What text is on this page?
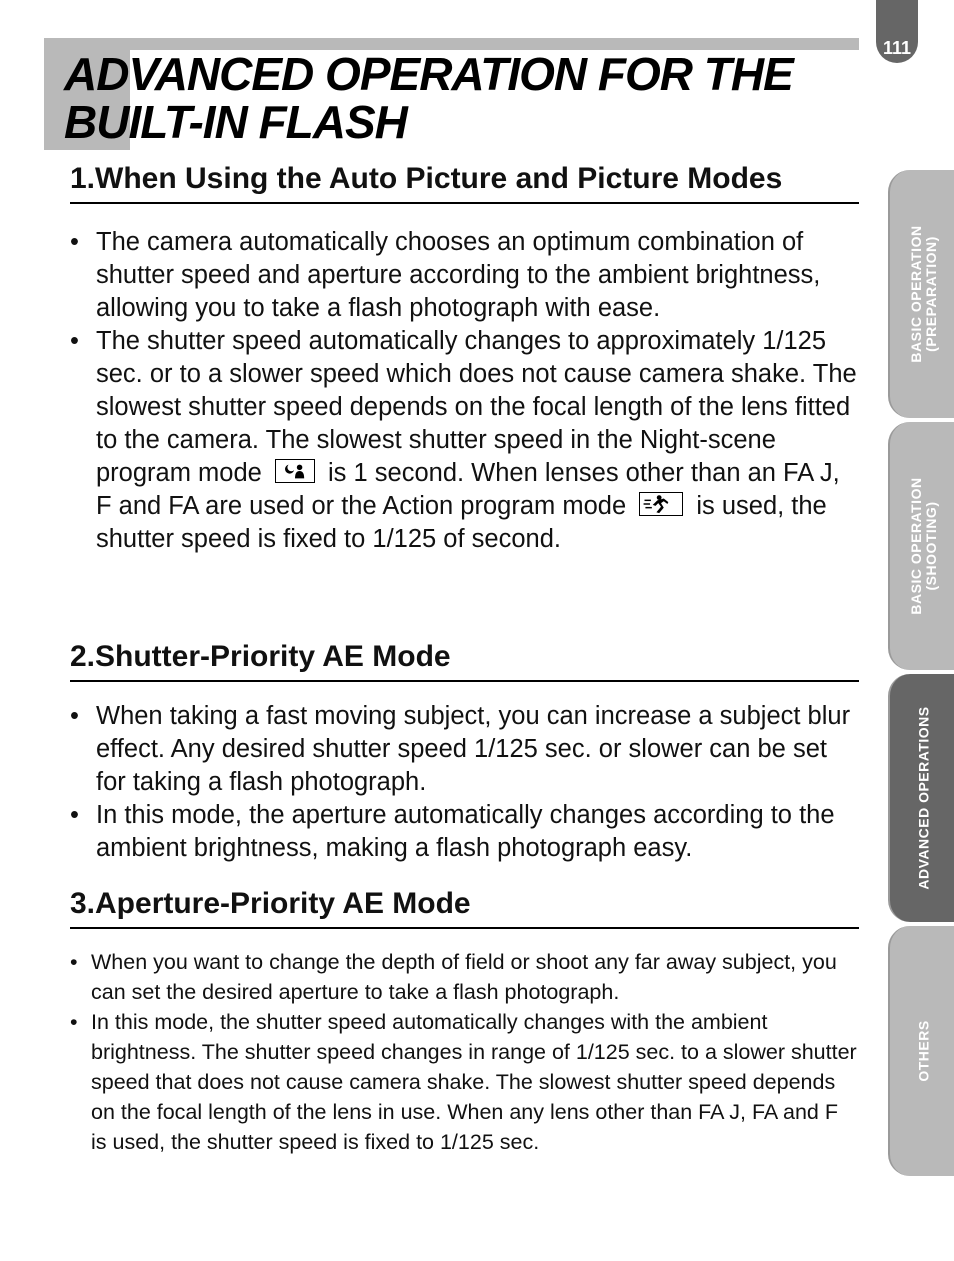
ADVANCED OPERATION FOR THE
BUILT-IN FLASH
111
1.When Using the Auto Picture and Picture Modes
• The camera automatically chooses an optimum combination of shutter speed and aperture according to the ambient brightness, allowing you to take a flash photograph with ease.
• The shutter speed automatically changes to approximately 1/125 sec. or to a slower speed which does not cause camera shake. The slowest shutter speed depends on the focal length of the lens fitted to the camera. The slowest shutter speed in the Night-scene program mode	is 1 second. When lenses other than an FA J, F and FA are used or the Action program mode	is used, the shutter speed is fixed to 1/125 of second.
2.Shutter-Priority AE Mode
• When taking a fast moving subject, you can increase a subject blur effect. Any desired shutter speed 1/125 sec. or slower can be set for taking a flash photograph.
• In this mode, the aperture automatically changes according to the ambient brightness, making a flash photograph easy.
3.Aperture-Priority AE Mode
• When you want to change the depth of field or shoot any far away subject, you can set the desired aperture to take a flash photograph.
• In this mode, the shutter speed automatically changes with the ambient brightness. The shutter speed changes in range of 1/125 sec. to a slower shutter speed that does not cause camera shake. The slowest shutter speed depends on the focal length of the lens in use. When any lens other than FA J, FA and F is used, the shutter speed is fixed to 1/125 sec.
BASIC OPERATION
(PREPARATION)
BASIC OPERATION
(SHOOTING)
ADVANCED OPERATIONS
OTHERS
